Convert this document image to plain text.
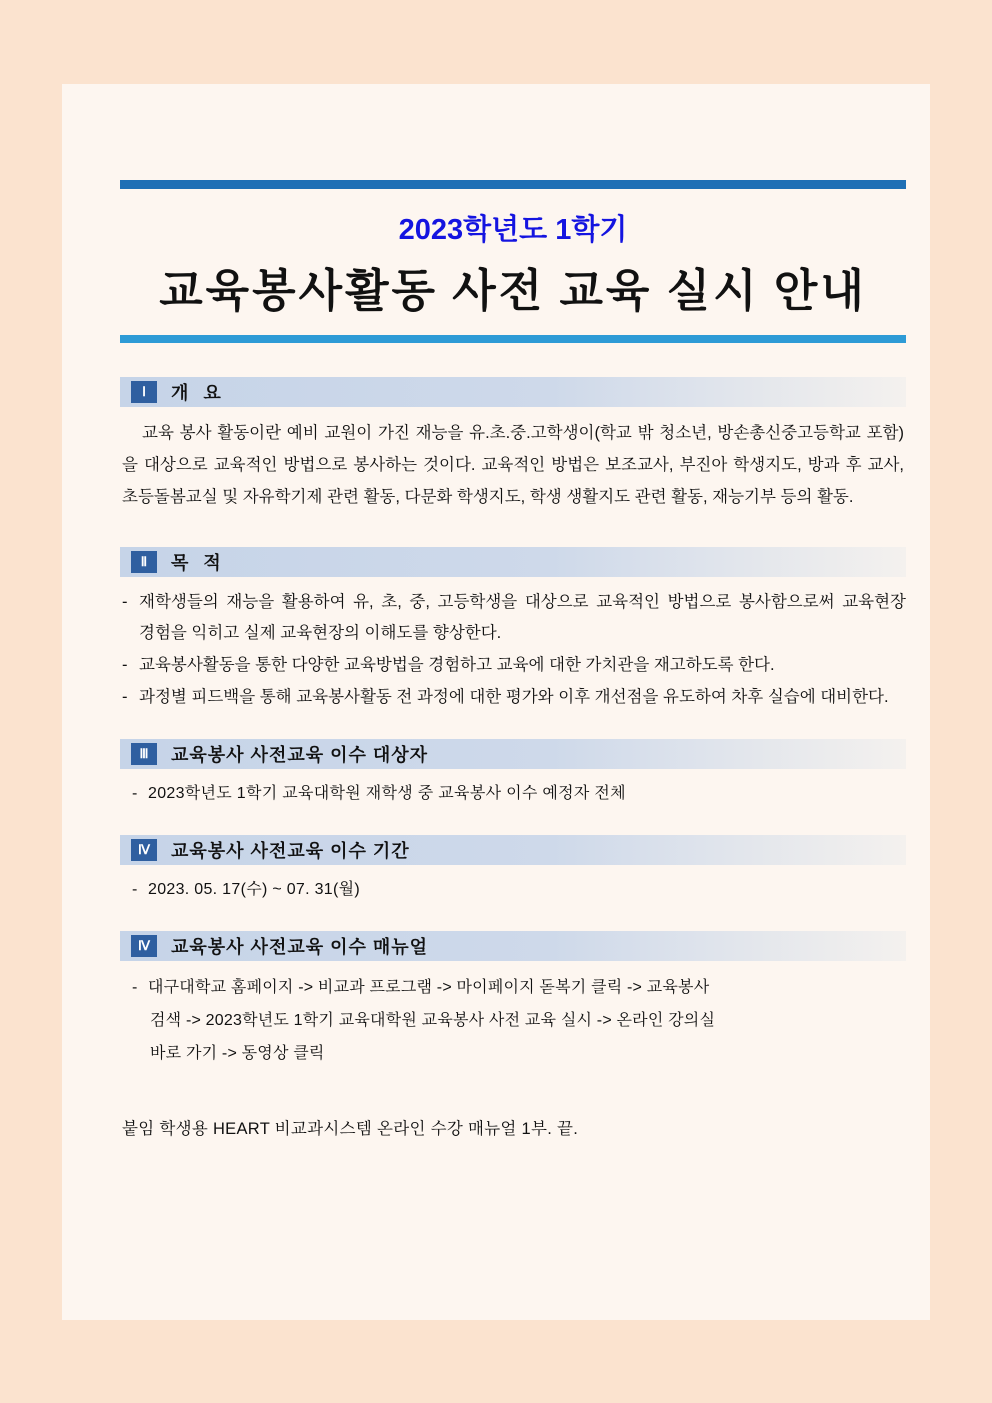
2023학년도 1학기
교육봉사활동 사전 교육 실시 안내
Ⅰ	개 요
교육 봉사 활동이란 예비 교원이 가진 재능을 유.초.중.고학생이(학교 밖 청소년, 방손총신중고등학교 포함)을 대상으로 교육적인 방법으로 봉사하는 것이다. 교육적인 방법은 보조교사, 부진아 학생지도, 방과 후 교사, 초등돌봄교실 및 자유학기제 관련 활동, 다문화 학생지도, 학생 생활지도 관련 활동, 재능기부 등의 활동.
Ⅱ	목 적
- 재학생들의 재능을 활용하여 유, 초, 중, 고등학생을 대상으로 교육적인 방법으로 봉사함으로써 교육현장 경험을 익히고 실제 교육현장의 이해도를 향상한다.
- 교육봉사활동을 통한 다양한 교육방법을 경험하고 교육에 대한 가치관을 재고하도록 한다.
- 과정별 피드백을 통해 교육봉사활동 전 과정에 대한 평가와 이후 개선점을 유도하여 차후 실습에 대비한다.
Ⅲ	교육봉사 사전교육 이수 대상자
- 2023학년도 1학기 교육대학원 재학생 중 교육봉사 이수 예정자 전체
Ⅳ	교육봉사 사전교육 이수 기간
- 2023. 05. 17(수) ~ 07. 31(월)
Ⅳ	교육봉사 사전교육 이수 매뉴얼
- 대구대학교 홈페이지 -> 비교과 프로그램 -> 마이페이지 돋복기 클릭 -> 교육봉사
검색 -> 2023학년도 1학기 교육대학원 교육봉사 사전 교육 실시 -> 온라인 강의실
바로 가기 -> 동영상 클릭
붙임 학생용 HEART 비교과시스템 온라인 수강 매뉴얼 1부. 끝.
